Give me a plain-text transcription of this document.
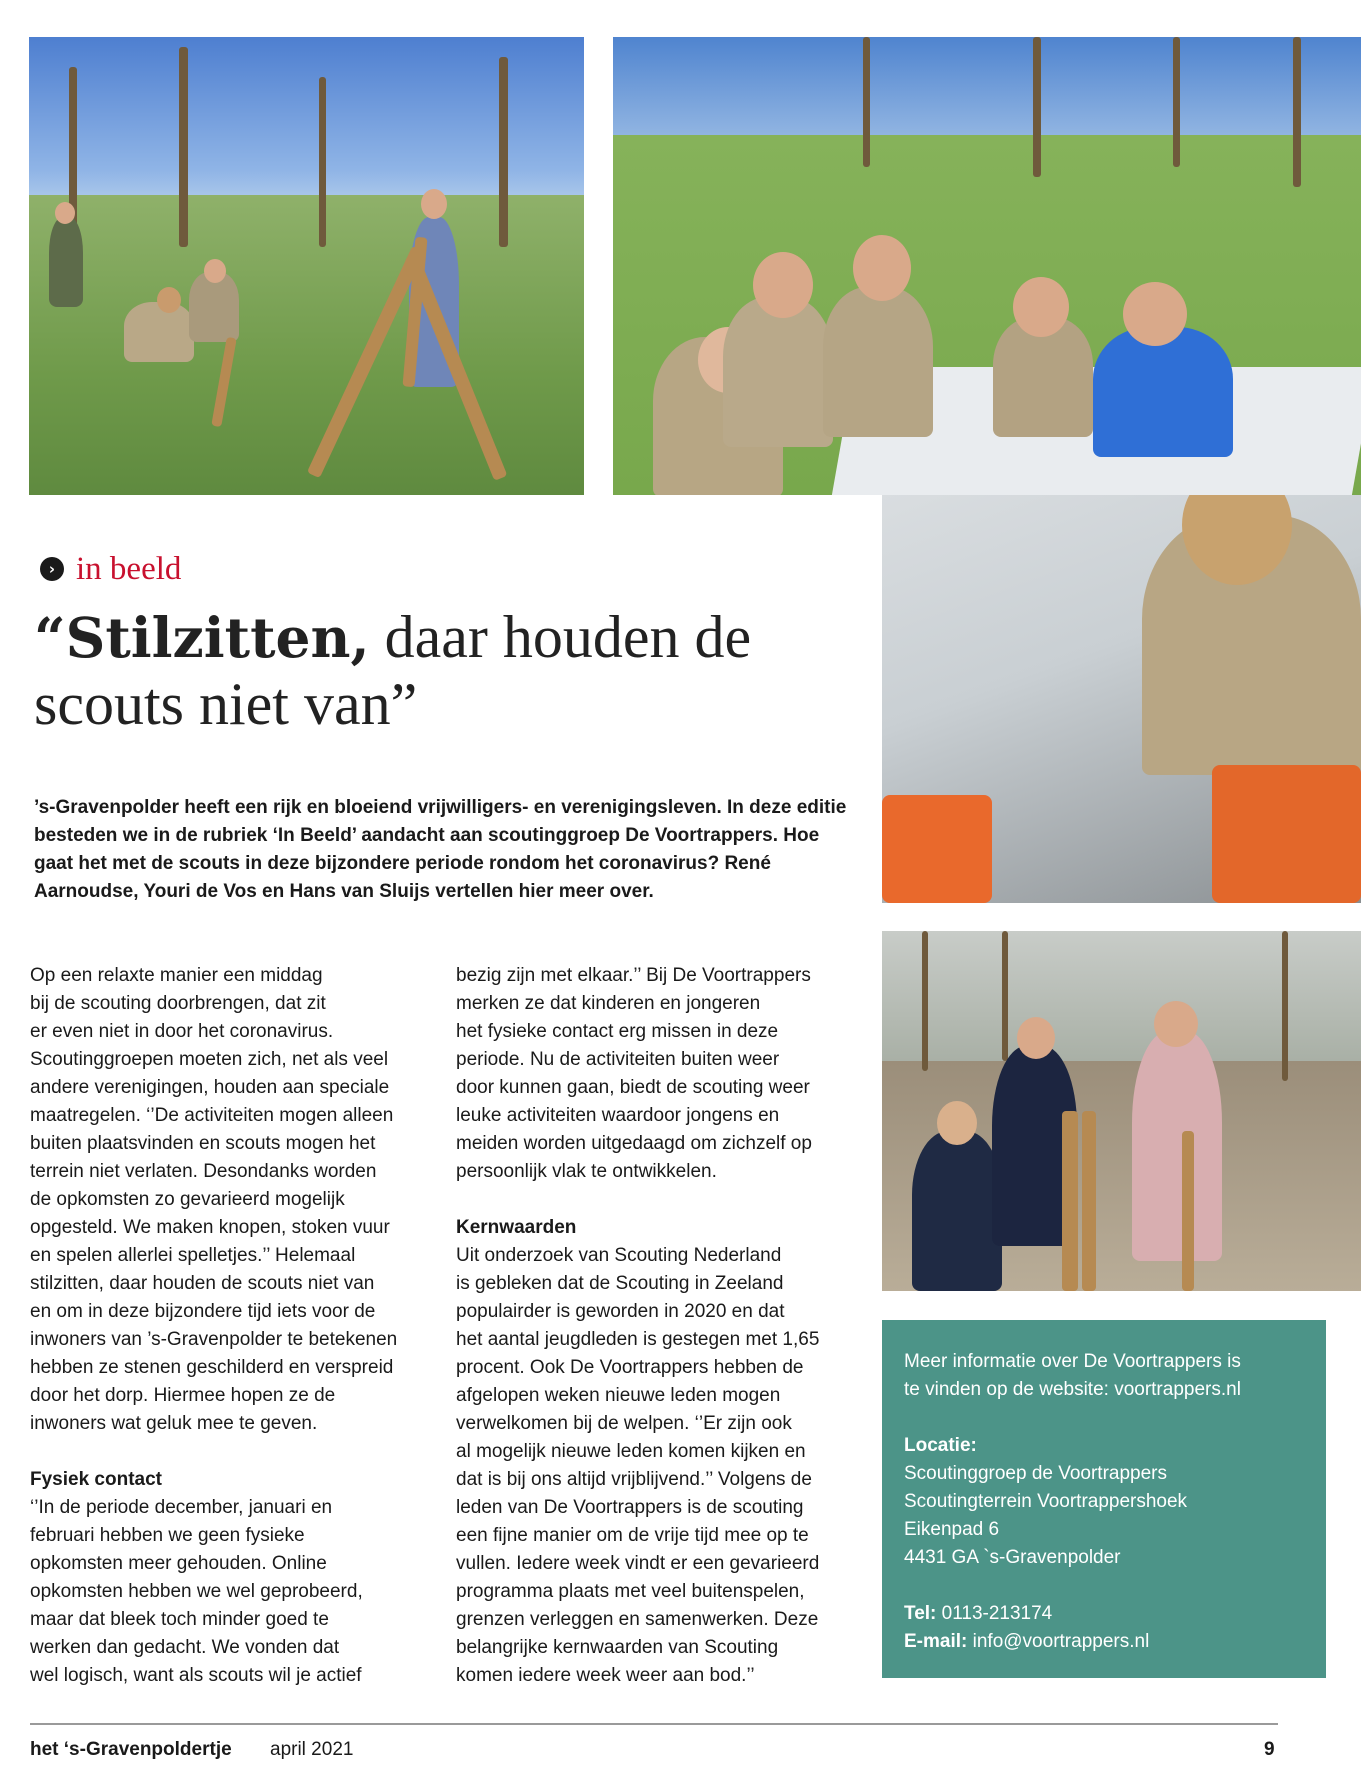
› in beeld
“Stilzitten, daar houden de scouts niet van”

’s-Gravenpolder heeft een rijk en bloeiend vrijwilligers- en verenigingsleven. In deze editie besteden we in de rubriek ‘In Beeld’ aandacht aan scoutinggroep De Voortrappers. Hoe gaat het met de scouts in deze bijzondere periode rondom het coronavirus? René Aarnoudse, Youri de Vos en Hans van Sluijs vertellen hier meer over.

Op een relaxte manier een middag
bij de scouting doorbrengen, dat zit
er even niet in door het coronavirus.
Scoutinggroepen moeten zich, net als veel
andere verenigingen, houden aan speciale
maatregelen. ‘’De activiteiten mogen alleen
buiten plaatsvinden en scouts mogen het
terrein niet verlaten. Desondanks worden
de opkomsten zo gevarieerd mogelijk
opgesteld. We maken knopen, stoken vuur
en spelen allerlei spelletjes.’’ Helemaal
stilzitten, daar houden de scouts niet van
en om in deze bijzondere tijd iets voor de
inwoners van ’s-Gravenpolder te betekenen
hebben ze stenen geschilderd en verspreid
door het dorp. Hiermee hopen ze de
inwoners wat geluk mee te geven.

Fysiek contact

‘’In de periode december, januari en
februari hebben we geen fysieke
opkomsten meer gehouden. Online
opkomsten hebben we wel geprobeerd,
maar dat bleek toch minder goed te
werken dan gedacht. We vonden dat
wel logisch, want als scouts wil je actief

bezig zijn met elkaar.’’ Bij De Voortrappers
merken ze dat kinderen en jongeren
het fysieke contact erg missen in deze
periode. Nu de activiteiten buiten weer
door kunnen gaan, biedt de scouting weer
leuke activiteiten waardoor jongens en
meiden worden uitgedaagd om zichzelf op
persoonlijk vlak te ontwikkelen.

Kernwaarden

Uit onderzoek van Scouting Nederland
is gebleken dat de Scouting in Zeeland
populairder is geworden in 2020 en dat
het aantal jeugdleden is gestegen met 1,65
procent. Ook De Voortrappers hebben de
afgelopen weken nieuwe leden mogen
verwelkomen bij de welpen. ‘’Er zijn ook
al mogelijk nieuwe leden komen kijken en
dat is bij ons altijd vrijblijvend.’’ Volgens de
leden van De Voortrappers is de scouting
een fijne manier om de vrije tijd mee op te
vullen. Iedere week vindt er een gevarieerd
programma plaats met veel buitenspelen,
grenzen verleggen en samenwerken. Deze
belangrijke kernwaarden van Scouting
komen iedere week weer aan bod.’’

Meer informatie over De Voortrappers is
te vinden op de website: voortrappers.nl

Locatie:
Scoutinggroep de Voortrappers
Scoutingterrein Voortrappershoek
Eikenpad 6
4431 GA `s-Gravenpolder

Tel: 0113-213174
E-mail: info@voortrappers.nl

het ‘s-Gravenpoldertje april 2021	9
